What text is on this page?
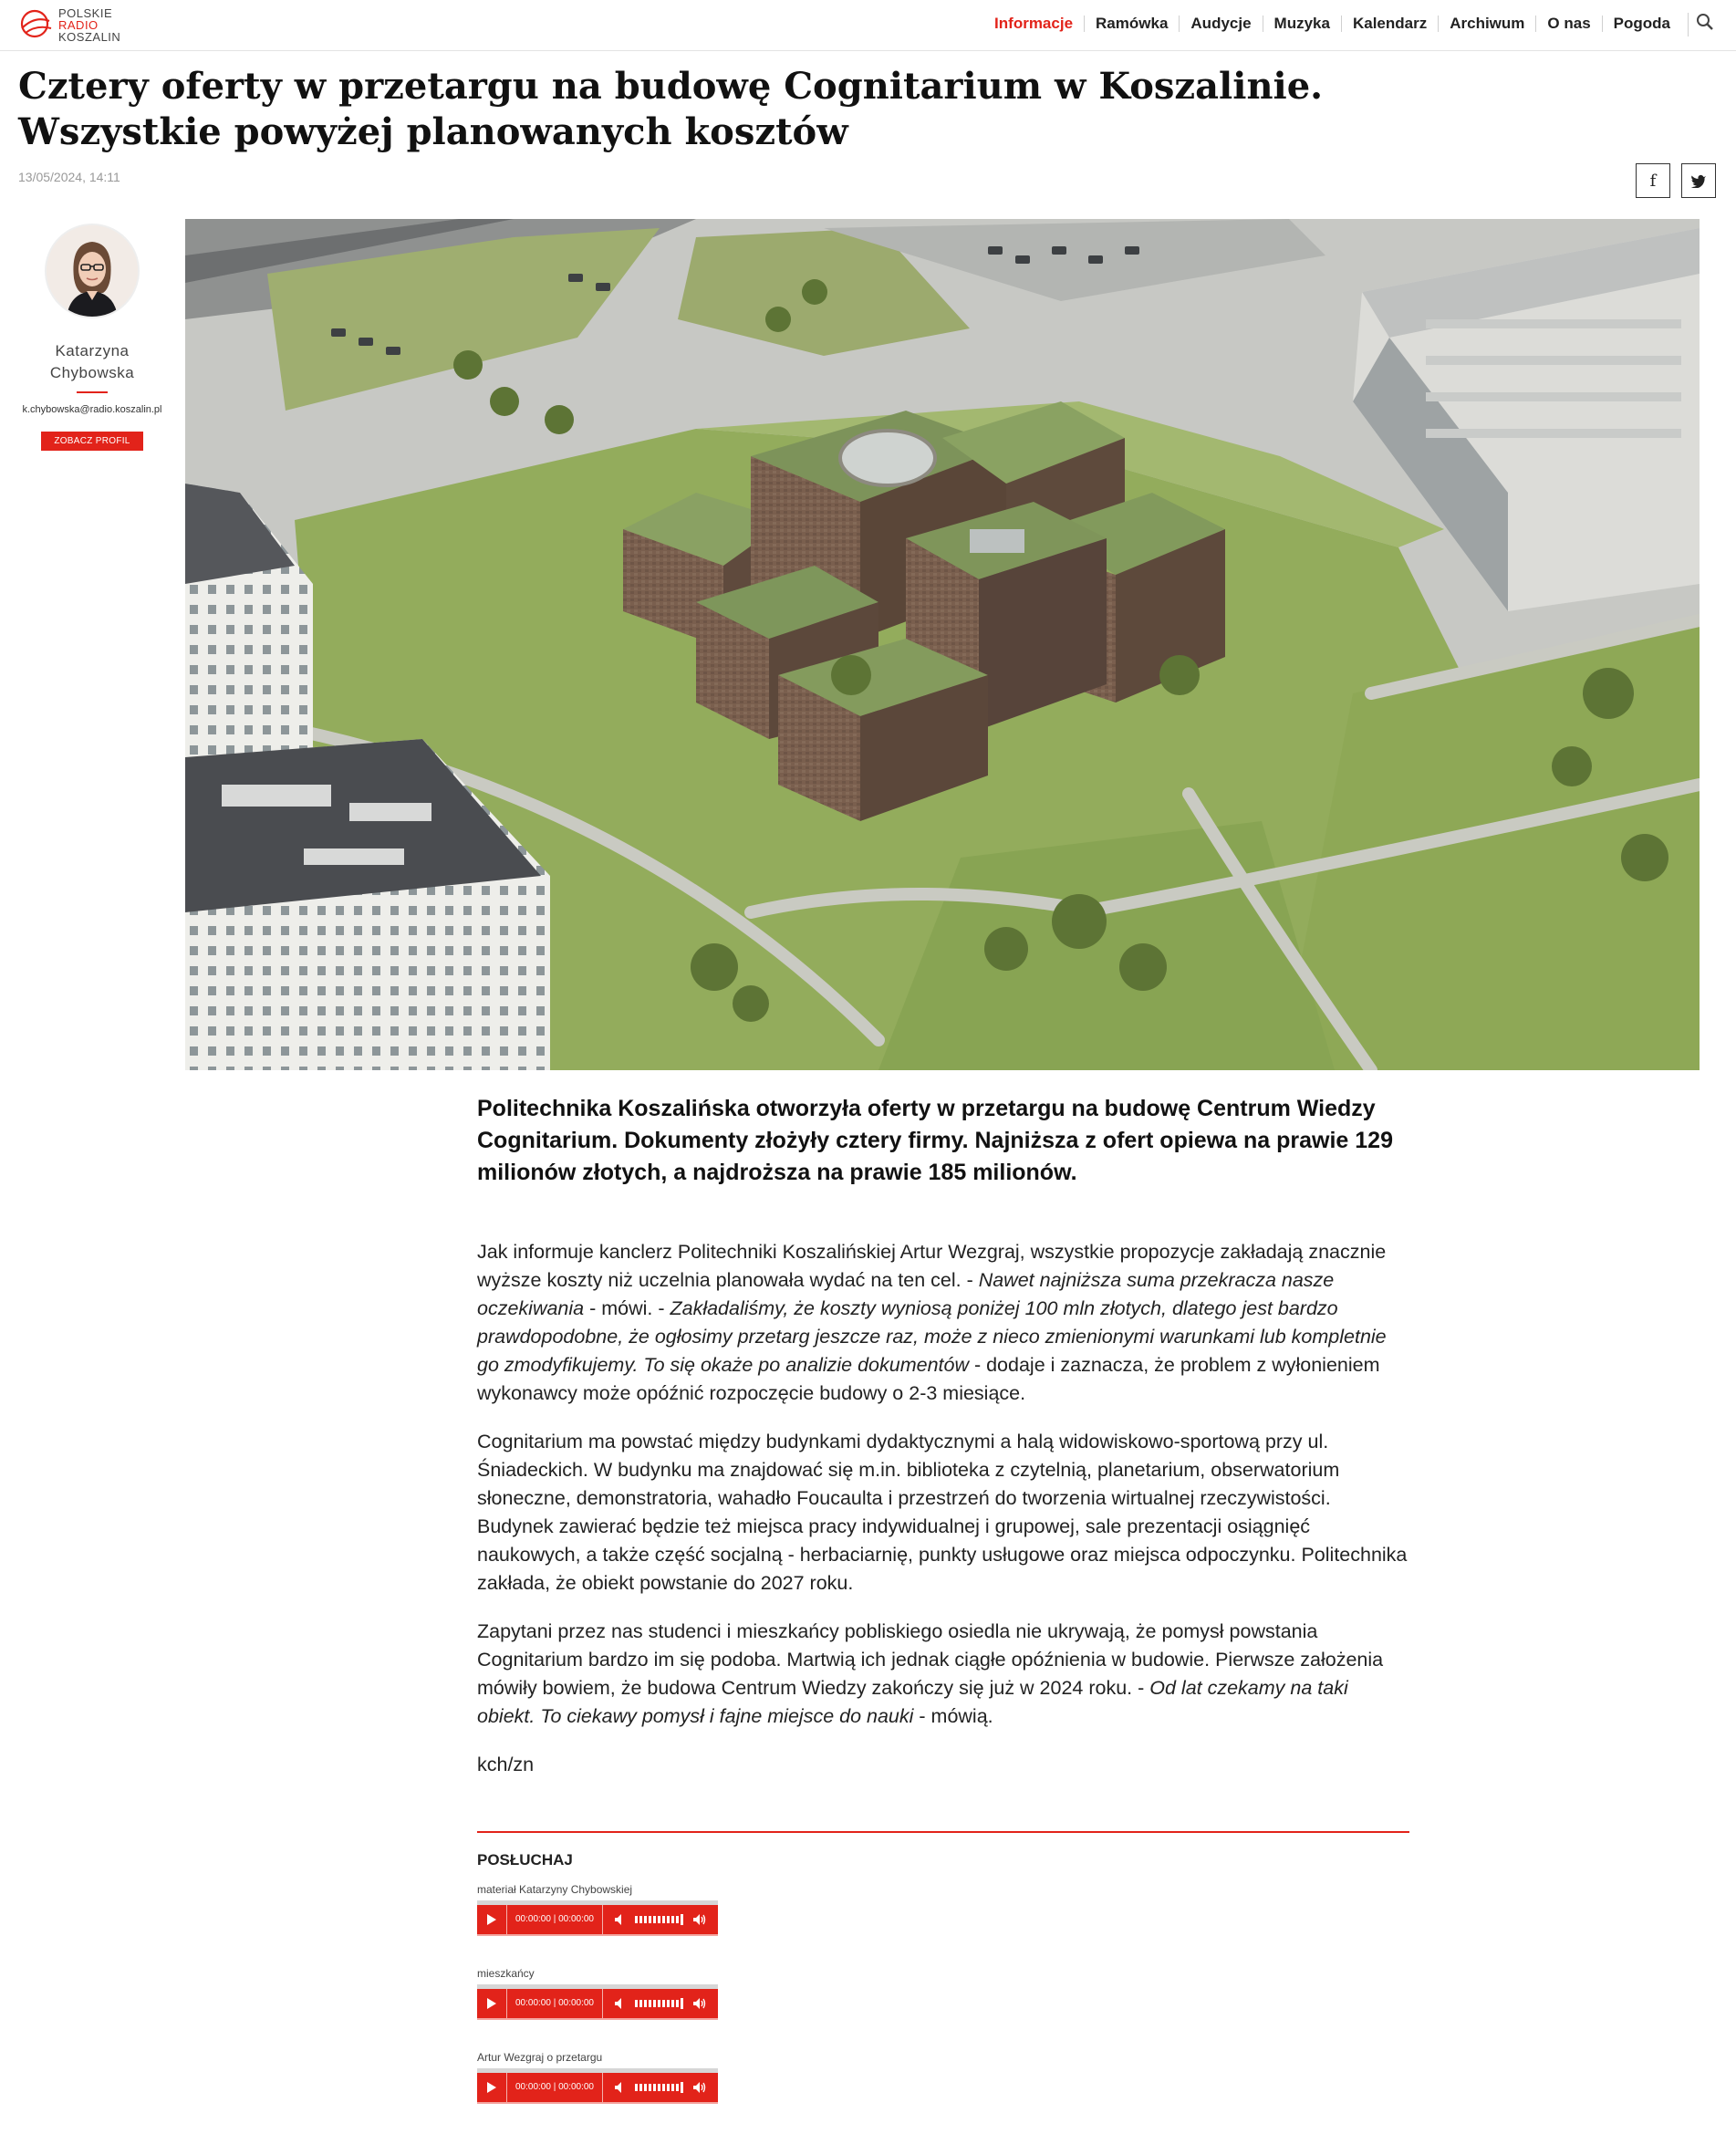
POLSKIE
RADIO
KOSZALIN
Informacje	Ramówka	Audycje	Muzyka	Kalendarz	Archiwum	O nas	Pogoda
Cztery oferty w przetargu na budowę Cognitarium w Koszalinie. Wszystkie powyżej planowanych kosztów
13/05/2024, 14:11	f
Katarzyna
Chybowska
k.chybowska@radio.koszalin.pl
ZOBACZ PROFIL

Politechnika Koszalińska otworzyła oferty w przetargu na budowę Centrum Wiedzy Cognitarium. Dokumenty złożyły cztery firmy. Najniższa z ofert opiewa na prawie 129 milionów złotych, a najdroższa na prawie 185 milionów.

Jak informuje kanclerz Politechniki Koszalińskiej Artur Wezgraj, wszystkie propozycje zakładają znacznie wyższe koszty niż uczelnia planowała wydać na ten cel. - Nawet najniższa suma przekracza nasze oczekiwania - mówi. - Zakładaliśmy, że koszty wyniosą poniżej 100 mln złotych, dlatego jest bardzo prawdopodobne, że ogłosimy przetarg jeszcze raz, może z nieco zmienionymi warunkami lub kompletnie go zmodyfikujemy. To się okaże po analizie dokumentów - dodaje i zaznacza, że problem z wyłonieniem wykonawcy może opóźnić rozpoczęcie budowy o 2-3 miesiące.

Cognitarium ma powstać między budynkami dydaktycznymi a halą widowiskowo-sportową przy ul. Śniadeckich. W budynku ma znajdować się m.in. biblioteka z czytelnią, planetarium, obserwatorium słoneczne, demonstratoria, wahadło Foucaulta i przestrzeń do tworzenia wirtualnej rzeczywistości. Budynek zawierać będzie też miejsca pracy indywidualnej i grupowej, sale prezentacji osiągnięć naukowych, a także część socjalną - herbaciarnię, punkty usługowe oraz miejsca odpoczynku. Politechnika zakłada, że obiekt powstanie do 2027 roku.

Zapytani przez nas studenci i mieszkańcy pobliskiego osiedla nie ukrywają, że pomysł powstania Cognitarium bardzo im się podoba. Martwią ich jednak ciągłe opóźnienia w budowie. Pierwsze założenia mówiły bowiem, że budowa Centrum Wiedzy zakończy się już w 2024 roku. - Od lat czekamy na taki obiekt. To ciekawy pomysł i fajne miejsce do nauki - mówią.

kch/zn

POSŁUCHAJ
materiał Katarzyny Chybowskiej
00:00:00 | 00:00:00
mieszkańcy
00:00:00 | 00:00:00
Artur Wezgraj o przetargu
00:00:00 | 00:00:00
